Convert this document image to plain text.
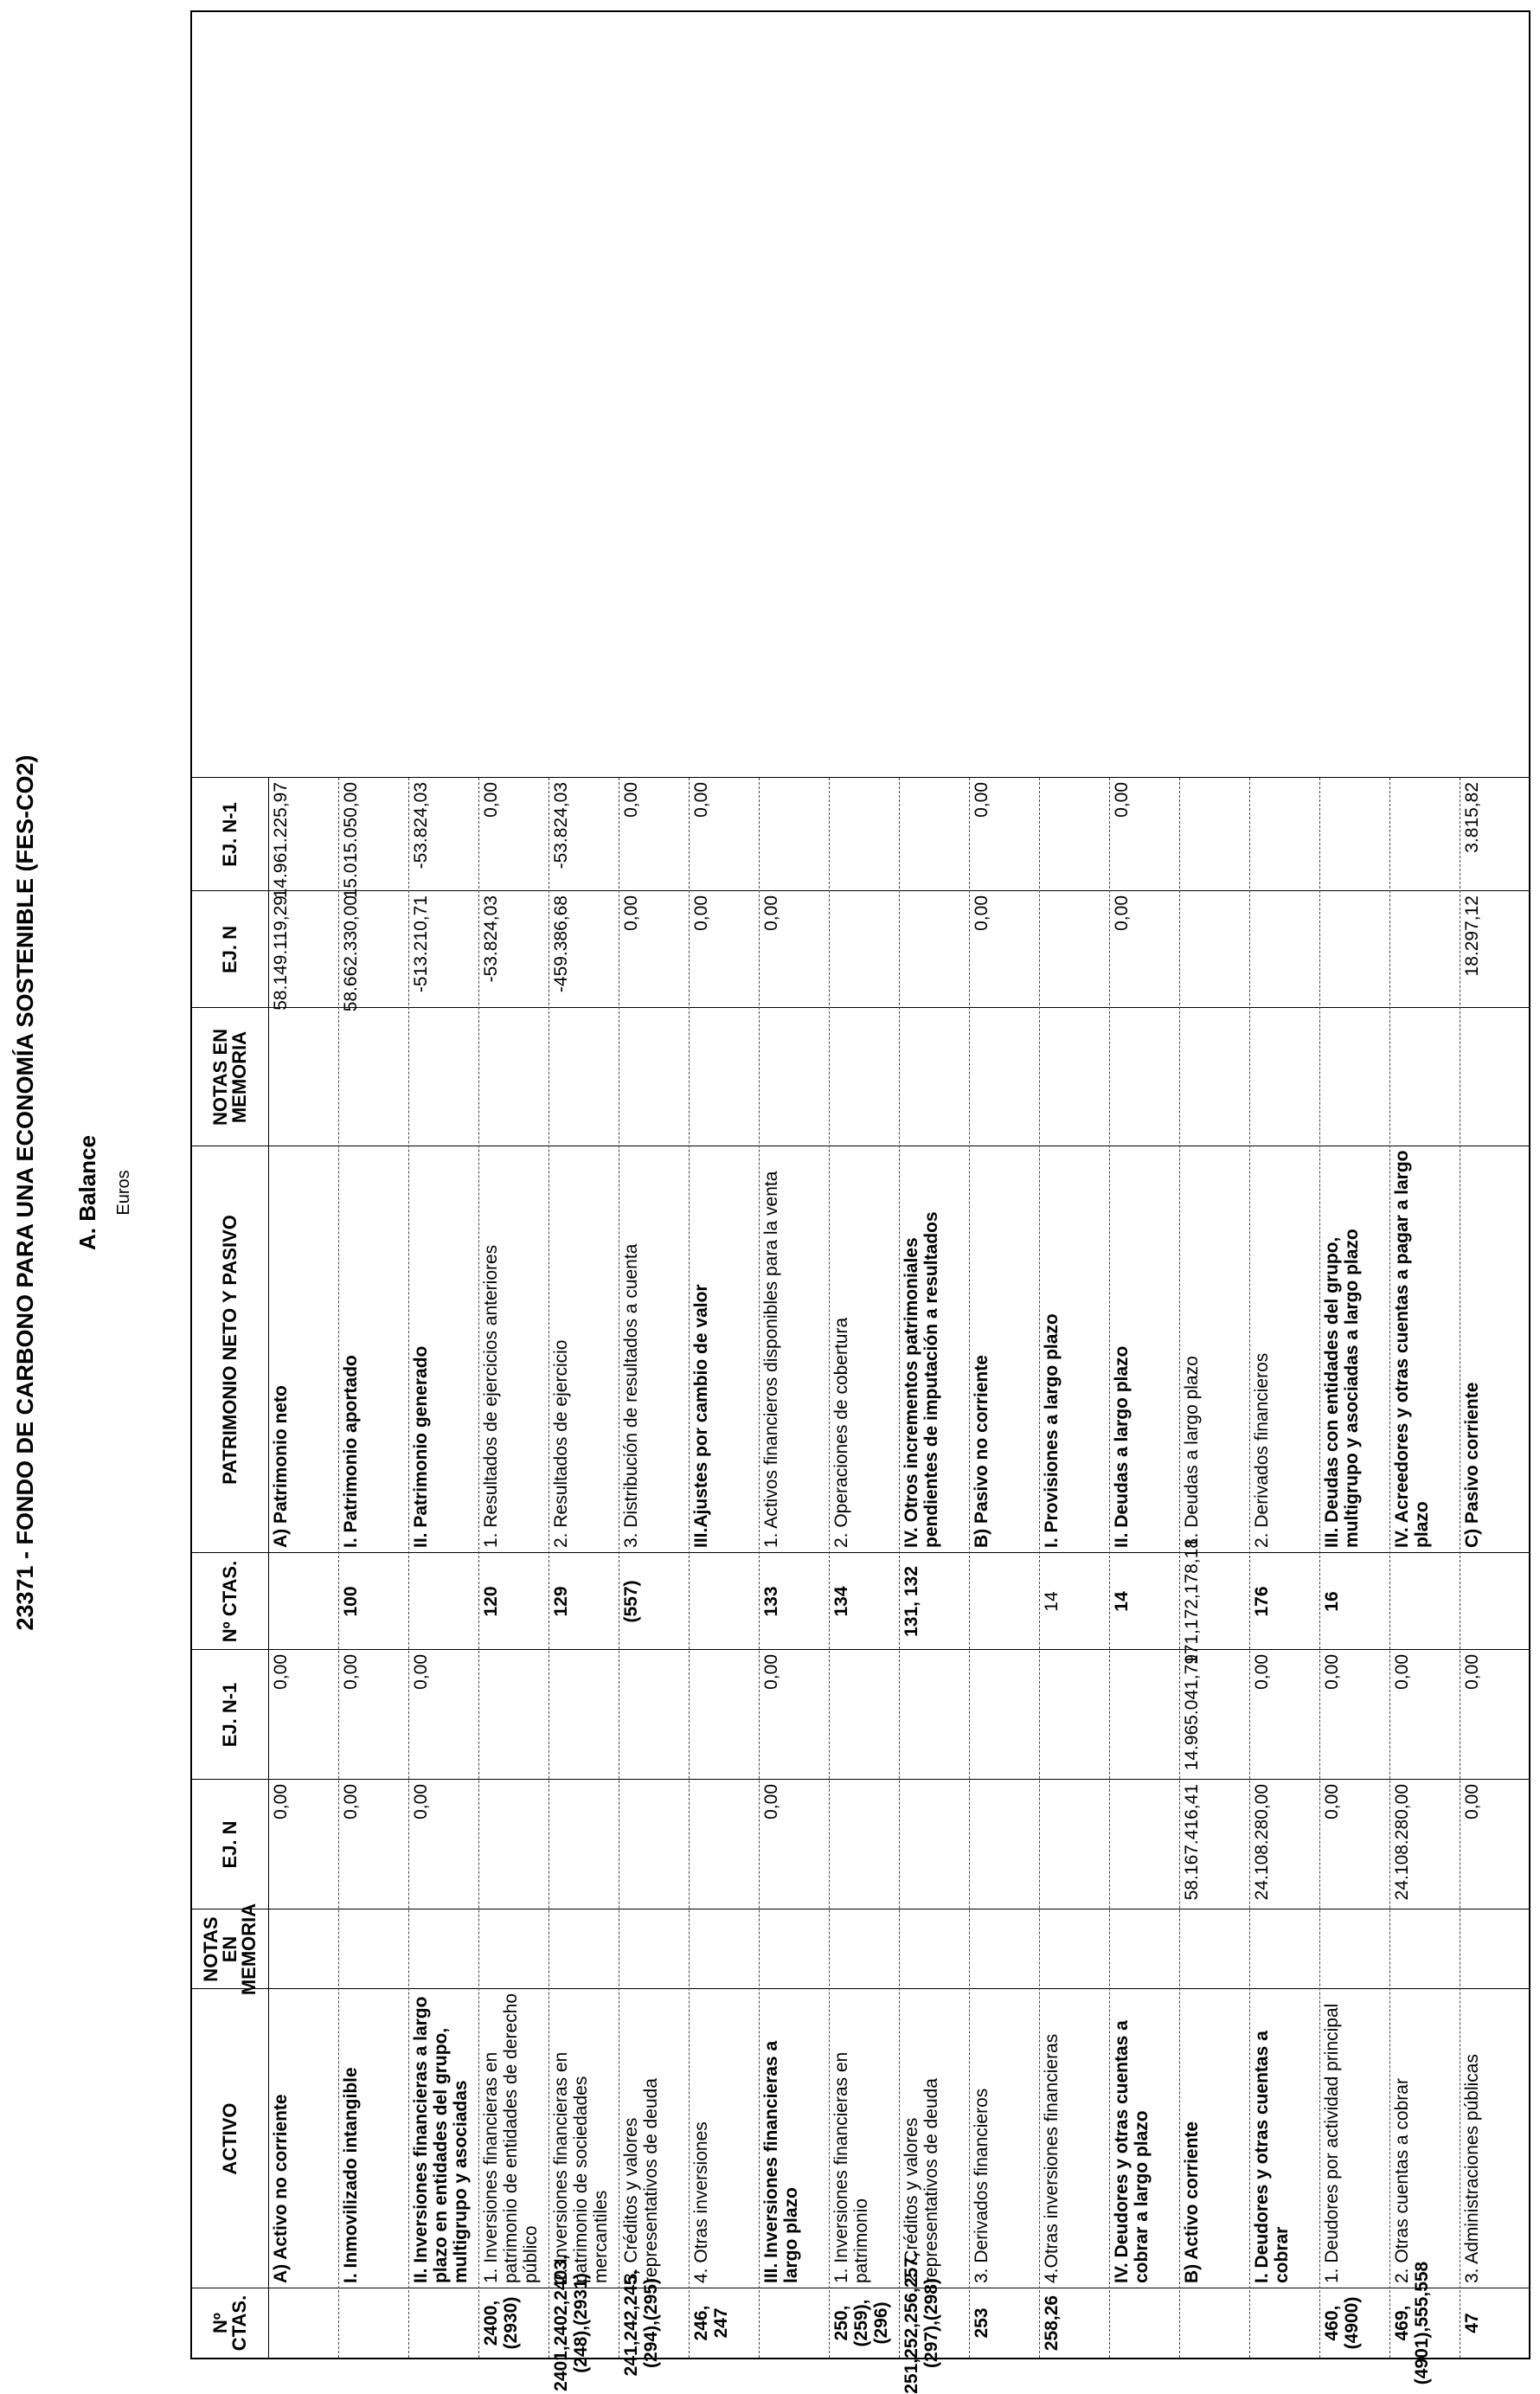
23371 - FONDO DE CARBONO PARA UNA ECONOMÍA SOSTENIBLE (FES-CO2) A. Balance Euros
Nº CTAS.
ACTIVO
NOTAS EN MEMORIA
EJ. N
EJ. N-1
Nº CTAS.
PATRIMONIO NETO Y PASIVO
NOTAS EN MEMORIA
EJ. N
EJ. N-1
A) Activo no corriente
0,00
0,00
A) Patrimonio neto
58.149.119,29
14.961.225,97
I. Inmovilizado intangible
0,00
0,00
100
I. Patrimonio aportado
58.662.330,00
15.015.050,00
II. Inversiones financieras a largo plazo en entidades del grupo, multigrupo y asociadas
0,00
0,00
II. Patrimonio generado
-513.210,71
-53.824,03
2400,(2930)
1. Inversiones financieras en patrimonio de entidades de derecho público
120
1. Resultados de ejercicios anteriores
-53.824,03
0,00
2401,2402,2403,(248),(2931)
2. Inversiones financieras en patrimonio de sociedades mercantiles
129
2. Resultados de ejercicio
-459.386,68
-53.824,03
241,242,245,(294),(295)
3. Créditos y valores representativos de deuda
(557)
3. Distribución de resultados a cuenta
0,00
0,00
246, 247
4. Otras inversiones
III.Ajustes por cambio de valor
0,00
0,00
III. Inversiones financieras a largo plazo
0,00
0,00
133
1. Activos financieros disponibles para la venta
0,00
250,(259),(296)
1. Inversiones financieras en patrimonio
134
2. Operaciones de cobertura
251,252,256,257,(297),(298)
2. Créditos y valores representativos de deuda
131, 132
IV. Otros incrementos patrimoniales pendientes de imputación a resultados
253
3. Derivados financieros
B) Pasivo no corriente
0,00
0,00
258,26
4.Otras inversiones financieras
14
I. Provisiones a largo plazo
IV. Deudores y otras cuentas a cobrar a largo plazo
14
II. Deudas a largo plazo
0,00
0,00
B) Activo corriente
58.167.416,41
14.965.041,79
171,172,178,18
1. Deudas a largo plazo
I. Deudores y otras cuentas a cobrar
24.108.280,00
0,00
176
2. Derivados financieros
460,(4900)
1. Deudores por actividad principal
0,00
0,00
16
III. Deudas con entidades del grupo, multigrupo y asociadas a largo plazo
469,(4901),555,558
2. Otras cuentas a cobrar
24.108.280,00
0,00
IV. Acreedores y otras cuentas a pagar a largo plazo
47
3. Administraciones públicas
0,00
0,00
C) Pasivo corriente
18.297,12
3.815,82
